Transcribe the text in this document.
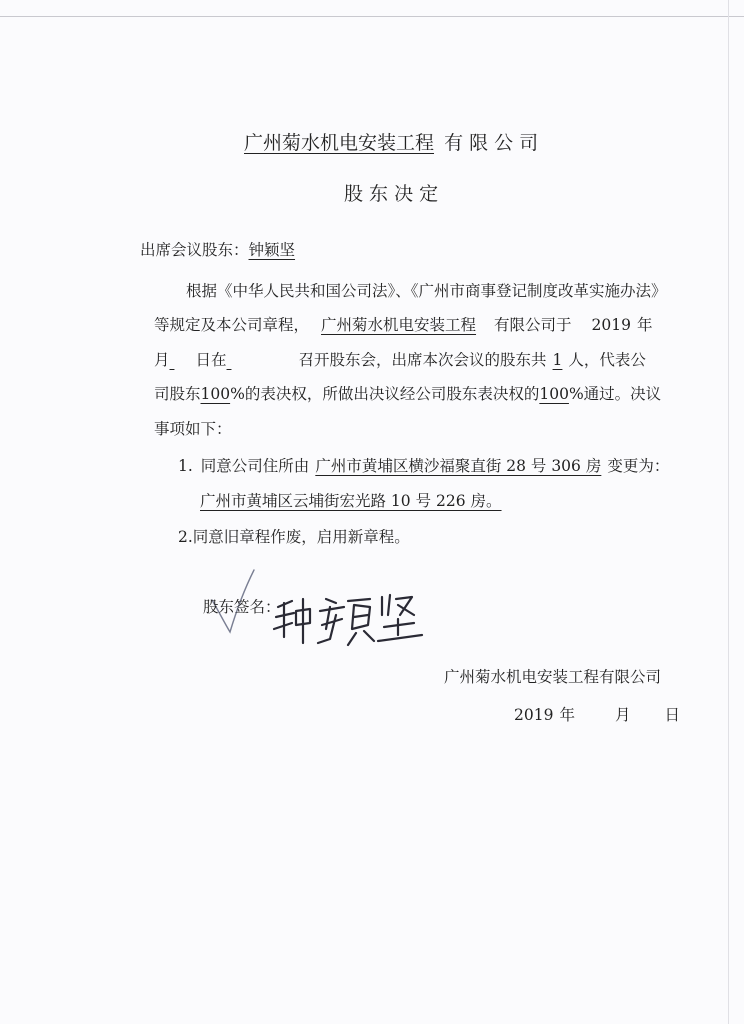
广州菊水机电安装工程 有 限 公 司
股 东 决 定
出席会议股东：钟颖坚
根据《中华人民共和国公司法》、《广州市商事登记制度改革实施办法》
等规定及本公司章程， 广州菊水机电安装工程 有限公司于 2019 年
月 日在	召开股东会，出席本次会议的股东共 1 人，代表公
司股东100%的表决权，所做出决议经公司股东表决权的100%通过。决议
事项如下：
1. 同意公司住所由 广州市黄埔区横沙福聚直街 28 号 306 房 变更为：
广州市黄埔区云埔街宏光路 10 号 226 房。
2.同意旧章程作废，启用新章程。
股东签名：
广州菊水机电安装工程有限公司
2019 年	月 日
